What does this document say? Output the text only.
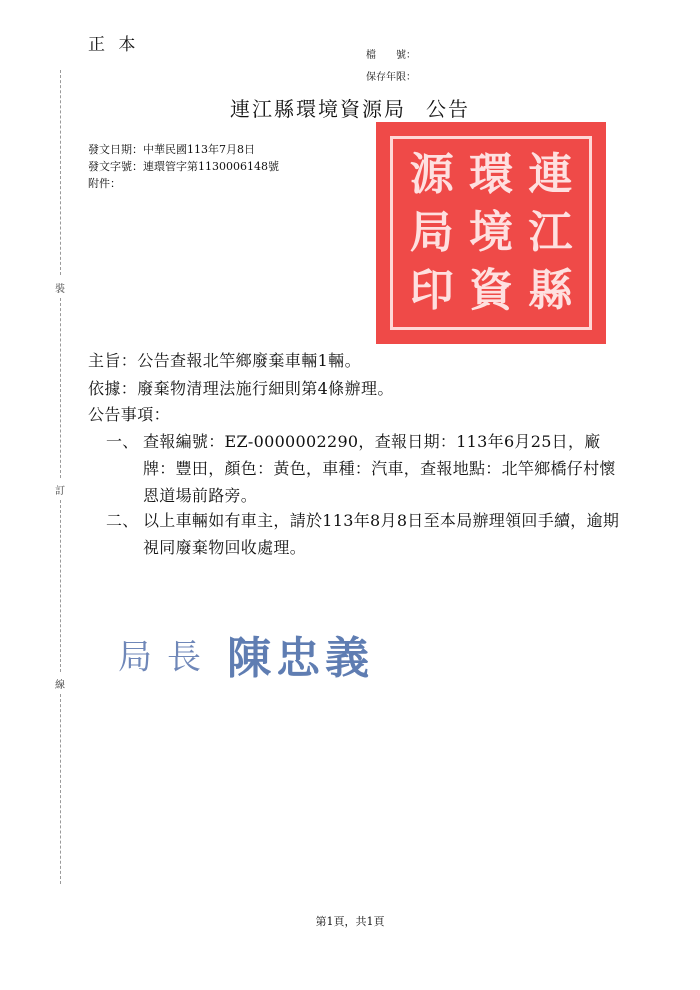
正 本
檔　　號：
保存年限：
連江縣環境資源局 公告
發文日期：中華民國113年7月8日
發文字號：連環管字第1130006148號
附件：	連
江
縣
環
境
資
源
局
印
裝
訂
線
主旨：公告查報北竿鄉廢棄車輛1輛。
依據：廢棄物清理法施行細則第4條辦理。
公告事項：
一、 查報編號：EZ-0000002290，查報日期：113年6月25日，廠牌：豐田，顏色：黃色，車種：汽車，查報地點：北竿鄉橋仔村懷恩道場前路旁。
二、 以上車輛如有車主，請於113年8月8日至本局辦理領回手續，逾期視同廢棄物回收處理。
局長 陳忠義
第1頁，共1頁
